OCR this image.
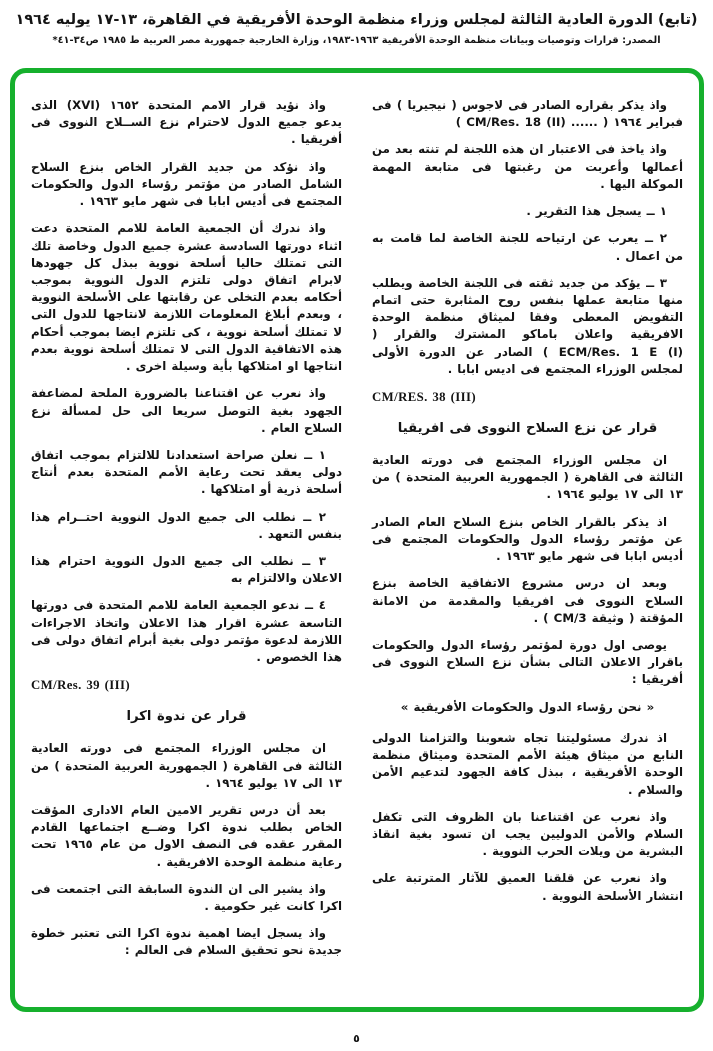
(تابع) الدورة العادية الثالثة لمجلس وزراء منظمة الوحدة الأفريقية في القاهرة، ١٣-١٧ يوليه ١٩٦٤
المصدر: قرارات وتوصيات وبيانات منظمة الوحدة الأفريقية ١٩٦٣-١٩٨٣، وزارة الخارجية جمهورية مصر العربية ط ١٩٨٥ ص٣٤-٤١*

واذ يذكر بقراره الصادر فى لاجوس ( نيجيريا ) فى فبراير ١٩٦٤ ( ...... CM/Res. 18 (II) )

واذ ياخذ فى الاعتبار ان هذه اللجنة لم تنته بعد من أعمالها وأعربت من رغبتها فى متابعة المهمة الموكلة اليها .

١ ــ يسجل هذا التقرير .

٢ ــ يعرب عن ارتياحه للجنة الخاصة لما قامت به من اعمال .

٣ ــ يؤكد من جديد ثقته فى اللجنة الخاصة ويطلب منها متابعة عملها بنفس روح المثابرة حتى اتمام التفويض المعطى وفقا لميثاق منظمة الوحدة الافريقية واعلان باماكو المشترك والقرار ( ECM/Res. 1 E (I) ) الصادر عن الدورة الأولى لمجلس الوزراء المجتمع فى اديس ابابا .

CM/RES. 38 (III)

قرار عن نزع السلاح النووى فى افريقيا

ان مجلس الوزراء المجتمع فى دورته العادية الثالثة فى القاهرة ( الجمهورية العربية المتحدة ) من ١٣ الى ١٧ يوليو ١٩٦٤ .

اذ يذكر بالقرار الخاص بنزع السلاح العام الصادر عن مؤتمر رؤساء الدول والحكومات المجتمع فى أديس ابابا فى شهر مايو ١٩٦٣ .

وبعد ان درس مشروع الاتفاقية الخاصة بنزع السلاح النووى فى افريقيا والمقدمة من الامانة المؤقتة ( وثيقة CM/3 ) .

يوصى اول دورة لمؤتمر رؤساء الدول والحكومات باقرار الاعلان التالى بشأن نزع السلاح النووى فى أفريقيا :

« نحن رؤساء الدول والحكومات الأفريقية »

اذ ندرك مسئوليتنا تجاه شعوبنا والتزامنا الدولى النابع من ميثاق هيئة الأمم المتحدة وميثاق منظمة الوحدة الأفريقية ، ببذل كافة الجهود لتدعيم الأمن والسلام .

واذ نعرب عن اقتناعنا بان الظروف التى تكفل السلام والأمن الدوليين يجب ان تسود بغية انقاذ البشرية من ويلات الحرب النووية .

واذ نعرب عن قلقنا العميق للآثار المترتبة على انتشار الأسلحة النووية .

واذ نؤيد قرار الامم المتحدة ١٦٥٢ (XVI) الذى يدعو جميع الدول لاحترام نزع الســلاح النووى فى أفريقيا .

واذ نؤكد من جديد القرار الخاص بنزع السلاح الشامل الصادر من مؤتمر رؤساء الدول والحكومات المجتمع فى أديس ابابا فى شهر مايو ١٩٦٣ .

واذ ندرك أن الجمعية العامة للامم المتحدة دعت اثناء دورتها السادسة عشرة جميع الدول وخاصة تلك التى تمتلك حاليا أسلحة نووية ببذل كل جهودها لابرام اتفاق دولى تلتزم الدول النووية بموجب أحكامه بعدم التخلى عن رقابتها على الأسلحة النووية ، وبعدم أبلاغ المعلومات اللازمة لانتاجها للدول التى لا تمتلك أسلحة نووية ، كى تلتزم ايضا بموجب أحكام هذه الاتفاقية الدول التى لا تمتلك أسلحة نووية بعدم انتاجها او امتلاكها بأية وسيلة اخرى .

واذ نعرب عن اقتناعنا بالضرورة الملحة لمضاعفة الجهود بغية التوصل سريعا الى حل لمسألة نزع السلاح العام .

١ ــ نعلن صراحة استعدادنا للالتزام بموجب اتفاق دولى يعقد تحت رعاية الأمم المتحدة بعدم أنتاج أسلحة ذرية أو امتلاكها .

٢ ــ نطلب الى جميع الدول النووية احتــرام هذا بنفس التعهد .

٣ ــ نطلب الى جميع الدول النووية احترام هذا الاعلان والالتزام به

٤ ــ ندعو الجمعية العامة للامم المتحدة فى دورتها التاسعة عشرة اقرار هذا الاعلان واتخاذ الاجراءات اللازمة لدعوة مؤتمر دولى بغية أبرام اتفاق دولى فى هذا الخصوص .

CM/Res. 39 (III)

قرار عن ندوة اكرا

ان مجلس الوزراء المجتمع فى دورته العادية الثالثة فى القاهرة ( الجمهورية العربية المتحدة ) من ١٣ الى ١٧ يوليو ١٩٦٤ .

بعد أن درس تقرير الامين العام الادارى المؤقت الخاص بطلب ندوة اكرا وضــع اجتماعها القادم المقرر عقده فى النصف الاول من عام ١٩٦٥ تحت رعاية منظمة الوحدة الافريقية .

واذ يشير الى ان الندوة السابقة التى اجتمعت فى اكرا كانت غير حكومية .

واذ يسجل ايضا اهمية ندوة اكرا التى تعتبر خطوة جديدة نحو تحقيق السلام فى العالم :

٥
